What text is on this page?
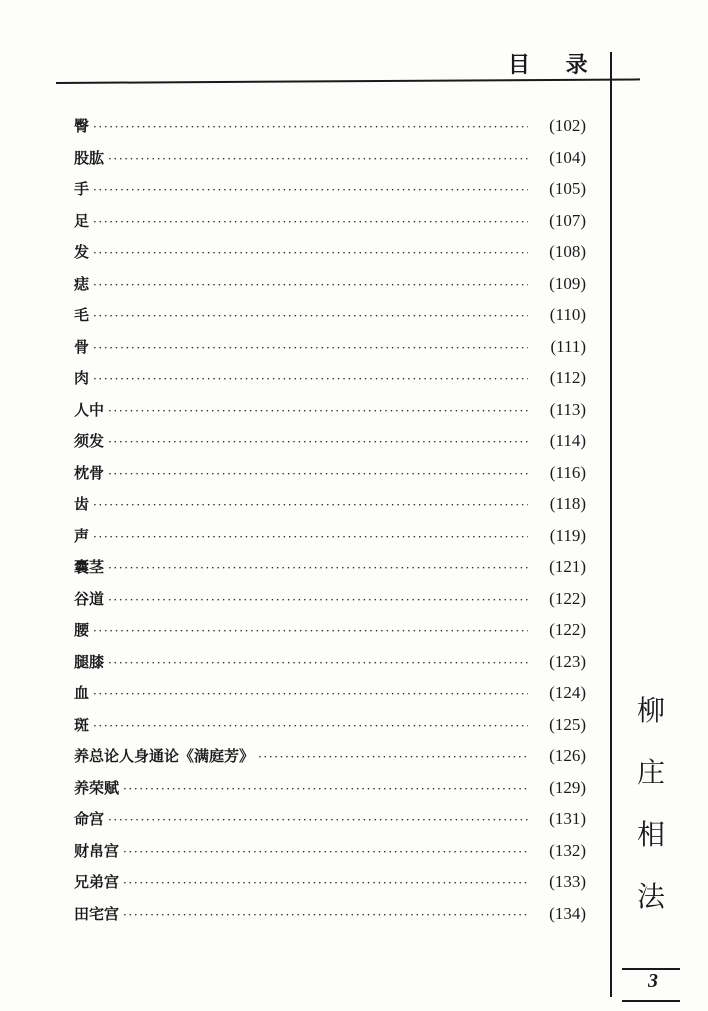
目 录
臀 ·····	(102)
股肱 ·····	(104)
手 ·····	(105)
足 ·····	(107)
发 ·····	(108)
痣 ·····	(109)
毛 ·····	(110)
骨 ·····	(111)
肉 ·····	(112)
人中 ·····	(113)
须发 ·····	(114)
枕骨 ·····	(116)
齿 ·····	(118)
声 ·····	(119)
囊茎 ·····	(121)
谷道 ·····	(122)
腰 ·····	(122)
腿膝 ·····	(123)
血 ·····	(124)
斑 ·····	(125)
养总论人身通论《满庭芳》 ·····	(126)
养荣赋 ·····	(129)
命宫 ·····	(131)
财帛宫 ·····	(132)
兄弟宫 ·····	(133)
田宅宫 ·····	(134)
柳
庄
相
法
3
